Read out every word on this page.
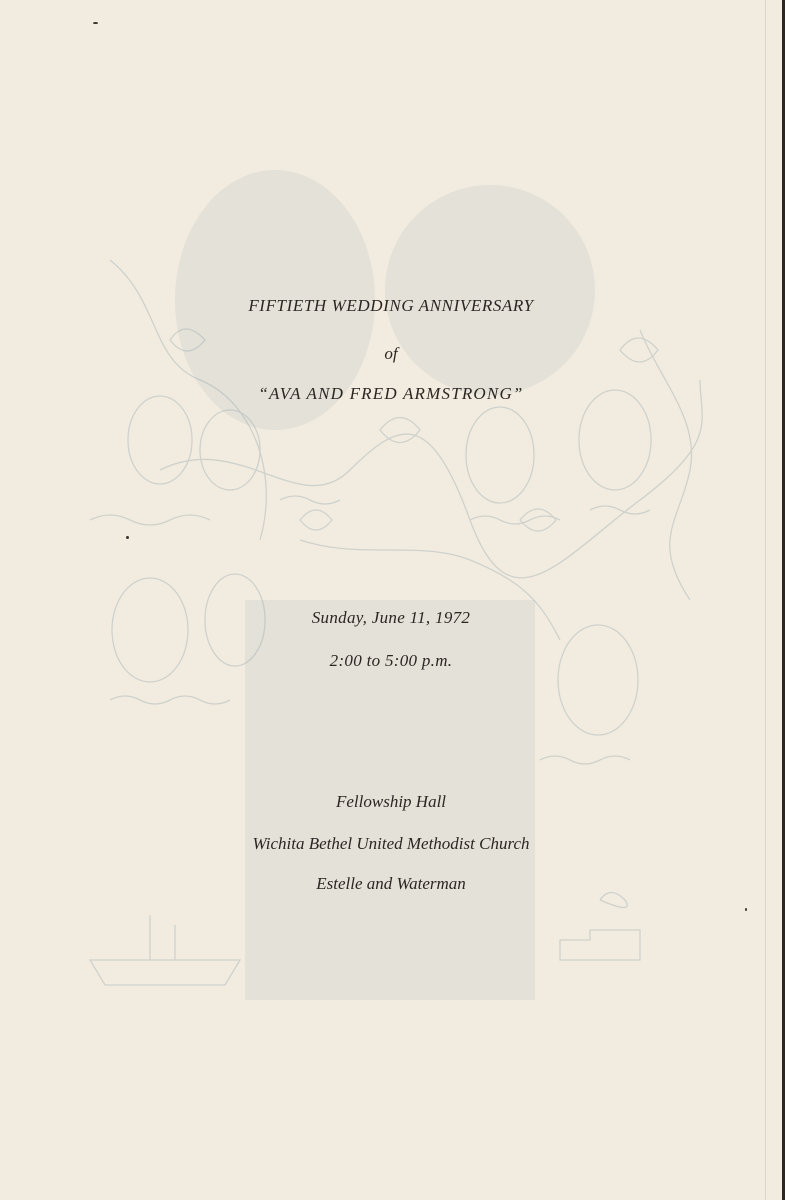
FIFTIETH WEDDING ANNIVERSARY
of
“AVA AND FRED ARMSTRONG”
Sunday, June 11, 1972
2:00 to 5:00 p.m.
Fellowship Hall
Wichita Bethel United Methodist Church
Estelle and Waterman
